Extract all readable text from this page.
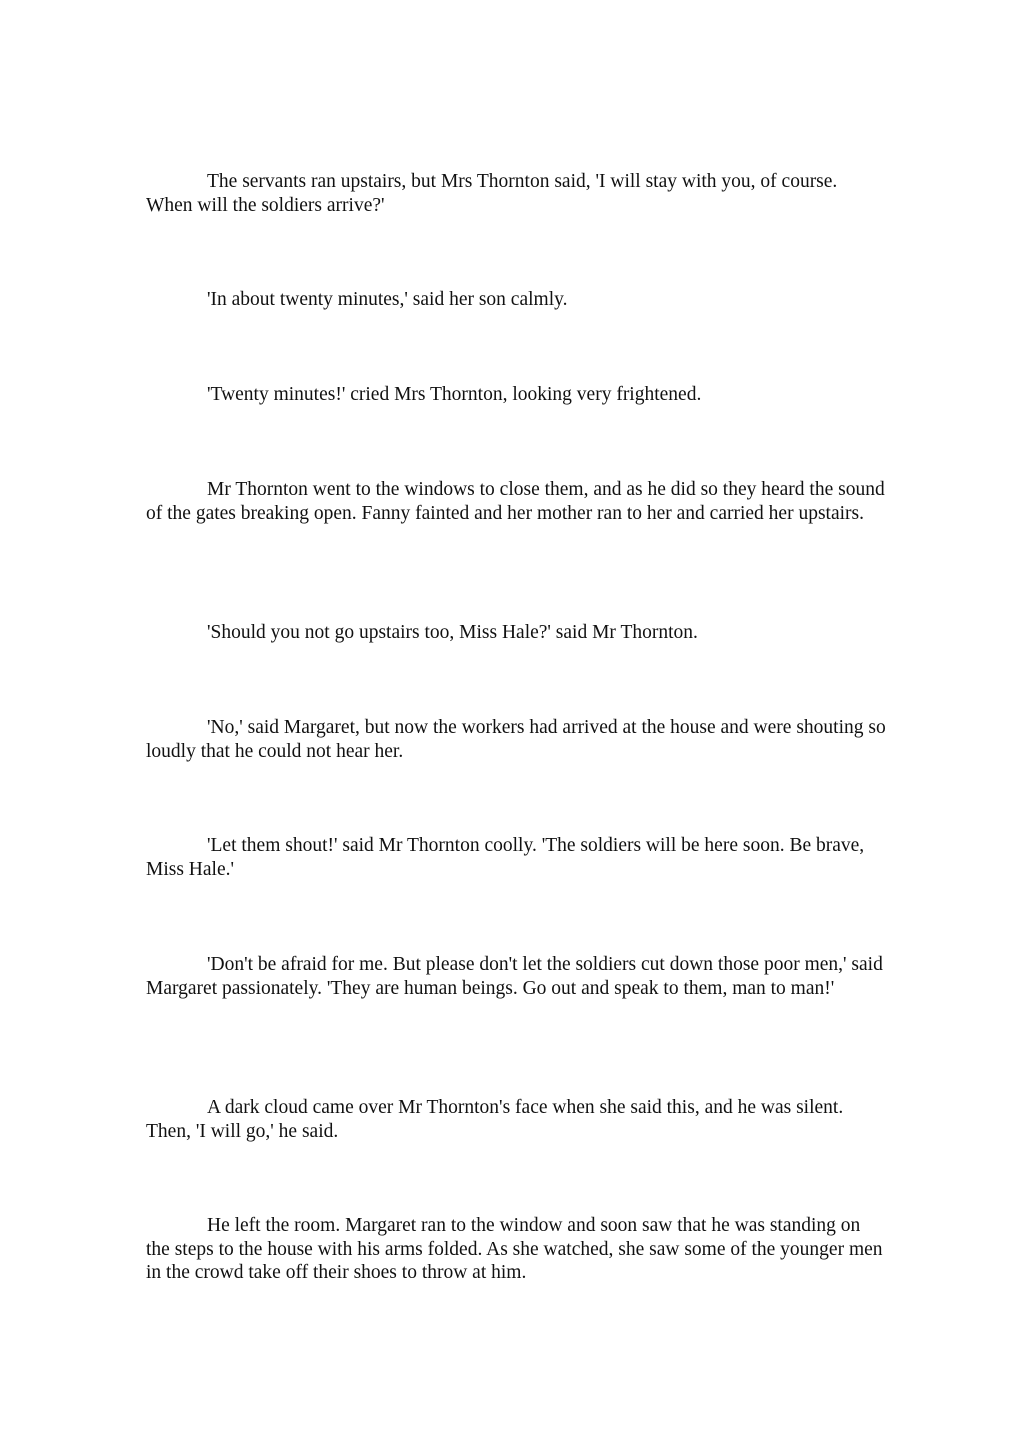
The servants ran upstairs, but Mrs Thornton said, 'I will stay with you, of course. When will the soldiers arrive?'

'In about twenty minutes,' said her son calmly.

'Twenty minutes!' cried Mrs Thornton, looking very frightened.

Mr Thornton went to the windows to close them, and as he did so they heard the sound of the gates breaking open. Fanny fainted and her mother ran to her and carried her upstairs.

'Should you not go upstairs too, Miss Hale?' said Mr Thornton.

'No,' said Margaret, but now the workers had arrived at the house and were shouting so loudly that he could not hear her.

'Let them shout!' said Mr Thornton coolly. 'The soldiers will be here soon. Be brave, Miss Hale.'

'Don't be afraid for me. But please don't let the soldiers cut down those poor men,' said Margaret passionately. 'They are human beings. Go out and speak to them, man to man!'

A dark cloud came over Mr Thornton's face when she said this, and he was silent. Then, 'I will go,' he said.

He left the room. Margaret ran to the window and soon saw that he was standing on the steps to the house with his arms folded. As she watched, she saw some of the younger men in the crowd take off their shoes to throw at him.
